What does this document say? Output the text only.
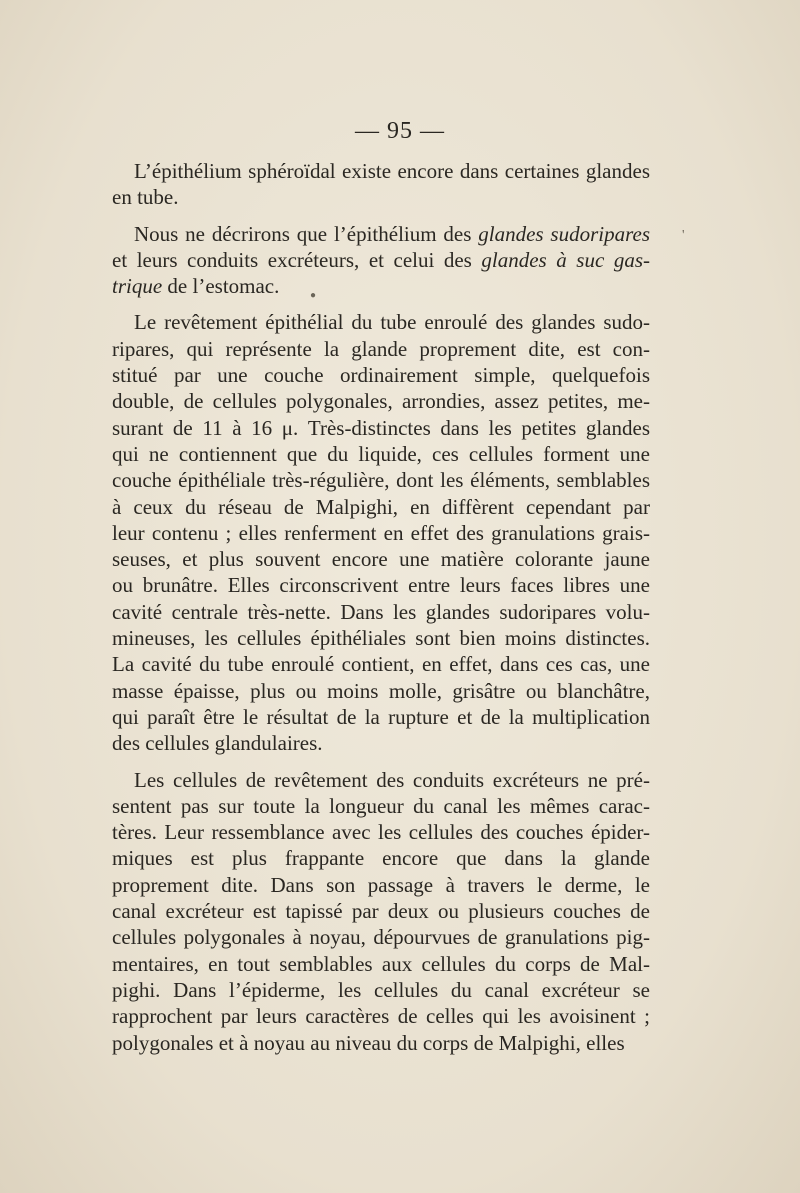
— 95 —

L’épithélium sphéroïdal existe encore dans certaines glandes
en tube.

Nous ne décrirons que l’épithélium des glandes sudoripares
et leurs conduits excréteurs, et celui des glandes à suc gas-
trique de l’estomac.

Le revêtement épithélial du tube enroulé des glandes sudo-
ripares, qui représente la glande proprement dite, est con-
stitué par une couche ordinairement simple, quelquefois
double, de cellules polygonales, arrondies, assez petites, me-
surant de 11 à 16 μ. Très-distinctes dans les petites glandes
qui ne contiennent que du liquide, ces cellules forment une
couche épithéliale très-régulière, dont les éléments, semblables
à ceux du réseau de Malpighi, en diffèrent cependant par
leur contenu ; elles renferment en effet des granulations grais-
seuses, et plus souvent encore une matière colorante jaune
ou brunâtre. Elles circonscrivent entre leurs faces libres une
cavité centrale très-nette. Dans les glandes sudoripares volu-
mineuses, les cellules épithéliales sont bien moins distinctes.
La cavité du tube enroulé contient, en effet, dans ces cas, une
masse épaisse, plus ou moins molle, grisâtre ou blanchâtre,
qui paraît être le résultat de la rupture et de la multiplication
des cellules glandulaires.

Les cellules de revêtement des conduits excréteurs ne pré-
sentent pas sur toute la longueur du canal les mêmes carac-
tères. Leur ressemblance avec les cellules des couches épider-
miques est plus frappante encore que dans la glande
proprement dite. Dans son passage à travers le derme, le
canal excréteur est tapissé par deux ou plusieurs couches de
cellules polygonales à noyau, dépourvues de granulations pig-
mentaires, en tout semblables aux cellules du corps de Mal-
pighi. Dans l’épiderme, les cellules du canal excréteur se
rapprochent par leurs caractères de celles qui les avoisinent ;
polygonales et à noyau au niveau du corps de Malpighi, elles

'
●
